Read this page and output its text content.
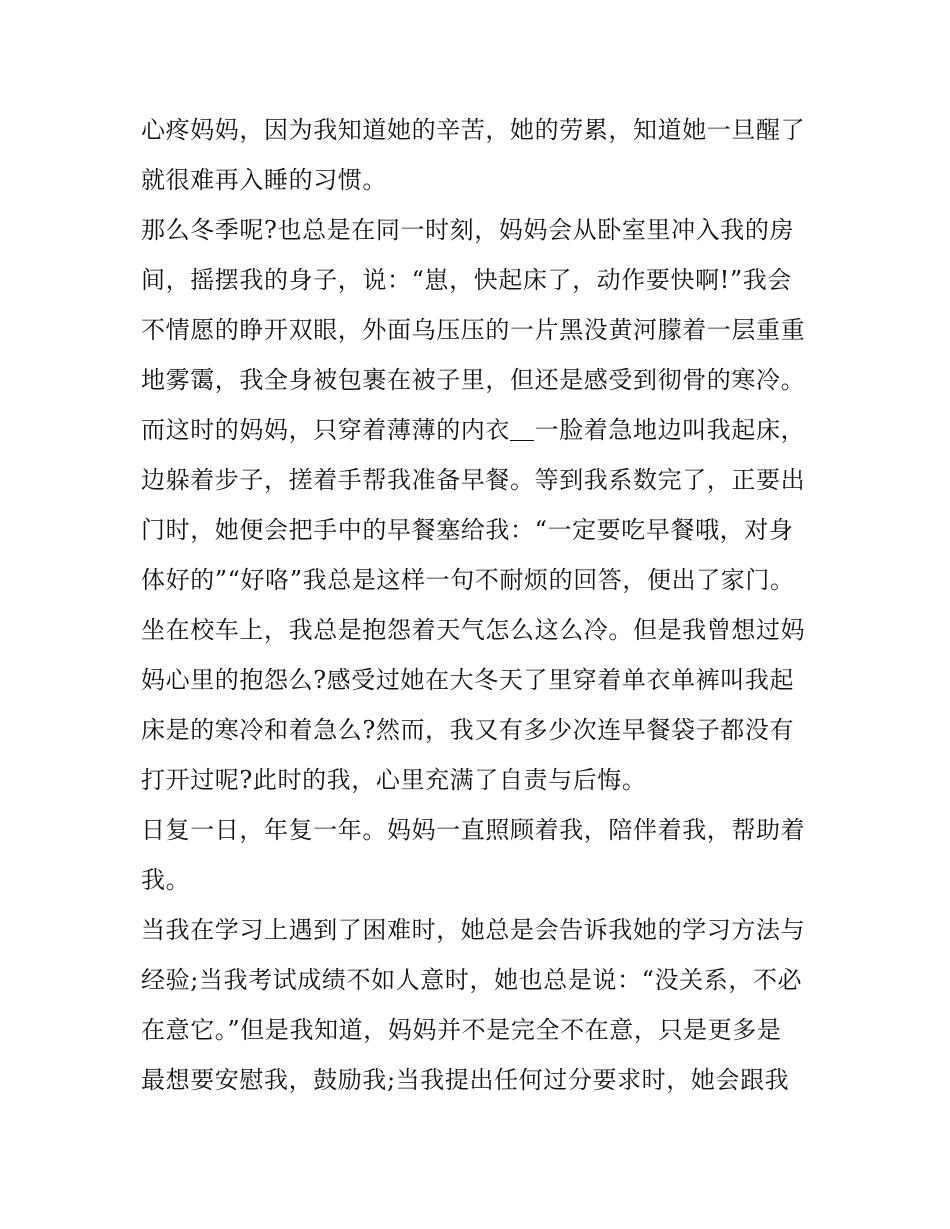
心疼妈妈，因为我知道她的辛苦，她的劳累，知道她一旦醒了
就很难再入睡的习惯。
那么冬季呢?也总是在同一时刻，妈妈会从卧室里冲入我的房
间，摇摆我的身子，说：“崽，快起床了，动作要快啊!”我会
不情愿的睁开双眼，外面乌压压的一片黑没黄河朦着一层重重
地雾霭，我全身被包裹在被子里，但还是感受到彻骨的寒冷。
而这时的妈妈，只穿着薄薄的内衣＿一脸着急地边叫我起床，
边躲着步子，搓着手帮我准备早餐。等到我系数完了，正要出
门时，她便会把手中的早餐塞给我：“一定要吃早餐哦，对身
体好的”“好咯”我总是这样一句不耐烦的回答，便出了家门。
坐在校车上，我总是抱怨着天气怎么这么冷。但是我曾想过妈
妈心里的抱怨么?感受过她在大冬天了里穿着单衣单裤叫我起
床是的寒冷和着急么?然而，我又有多少次连早餐袋子都没有
打开过呢?此时的我，心里充满了自责与后悔。
日复一日，年复一年。妈妈一直照顾着我，陪伴着我，帮助着
我。
当我在学习上遇到了困难时，她总是会告诉我她的学习方法与
经验;当我考试成绩不如人意时，她也总是说：“没关系，不必
在意它。”但是我知道，妈妈并不是完全不在意，只是更多是
最想要安慰我，鼓励我;当我提出任何过分要求时，她会跟我
